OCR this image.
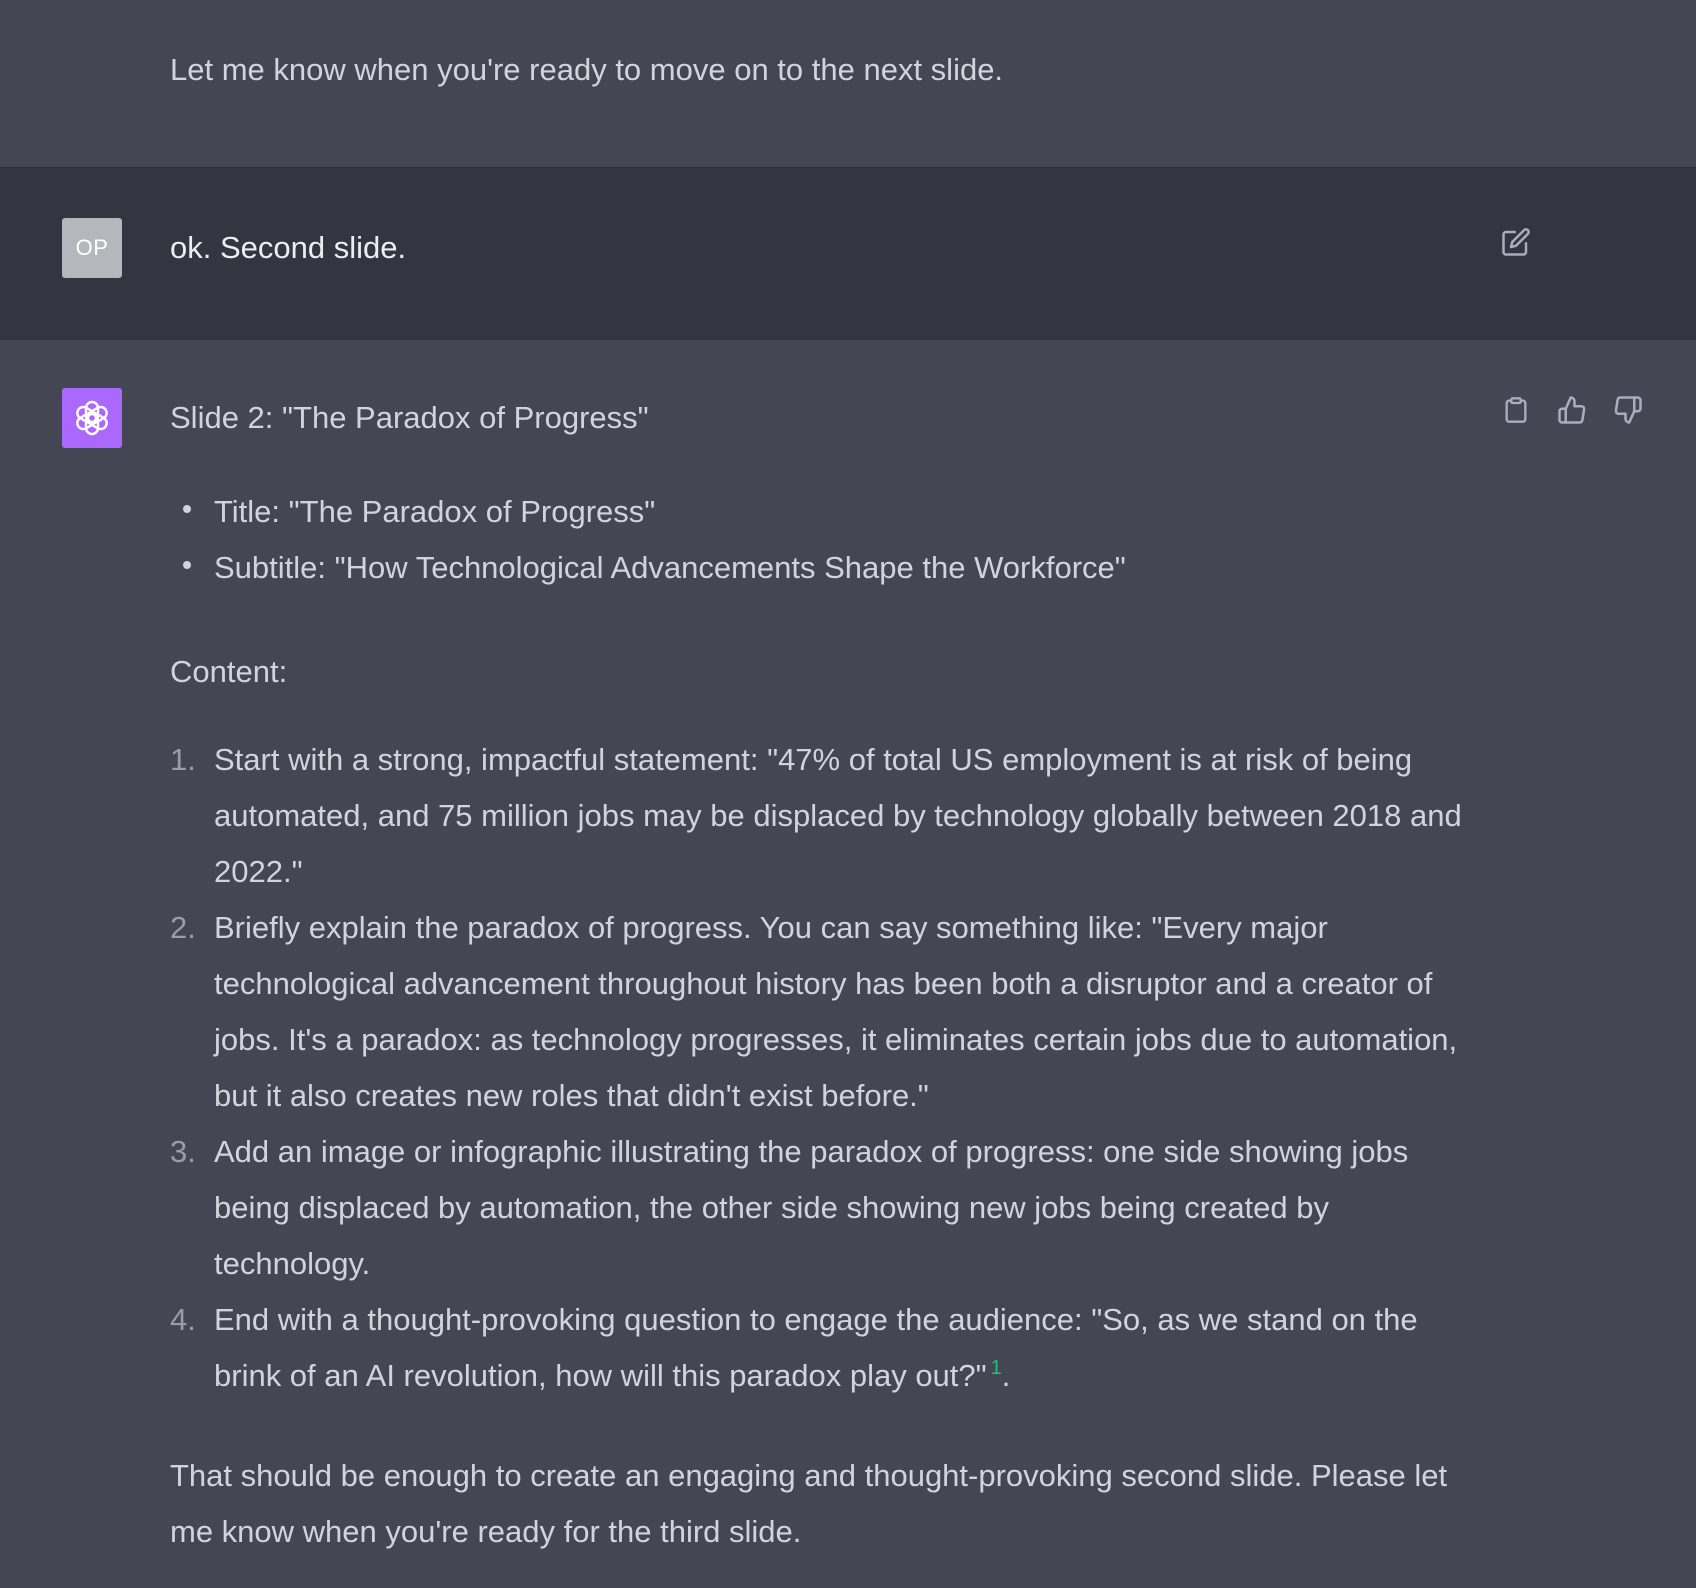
Let me know when you're ready to move on to the next slide.
OP	ok. Second slide.
Slide 2: "The Paradox of Progress"
Title: "The Paradox of Progress"
Subtitle: "How Technological Advancements Shape the Workforce"
Content:
1. Start with a strong, impactful statement: "47% of total US employment is at risk of being automated, and 75 million jobs may be displaced by technology globally between 2018 and 2022."
2. Briefly explain the paradox of progress. You can say something like: "Every major technological advancement throughout history has been both a disruptor and a creator of jobs. It's a paradox: as technology progresses, it eliminates certain jobs due to automation, but it also creates new roles that didn't exist before."
3. Add an image or infographic illustrating the paradox of progress: one side showing jobs being displaced by automation, the other side showing new jobs being created by technology.
4. End with a thought-provoking question to engage the audience: "So, as we stand on the brink of an AI revolution, how will this paradox play out?" $^1$.
That should be enough to create an engaging and thought-provoking second slide. Please let me know when you're ready for the third slide.
